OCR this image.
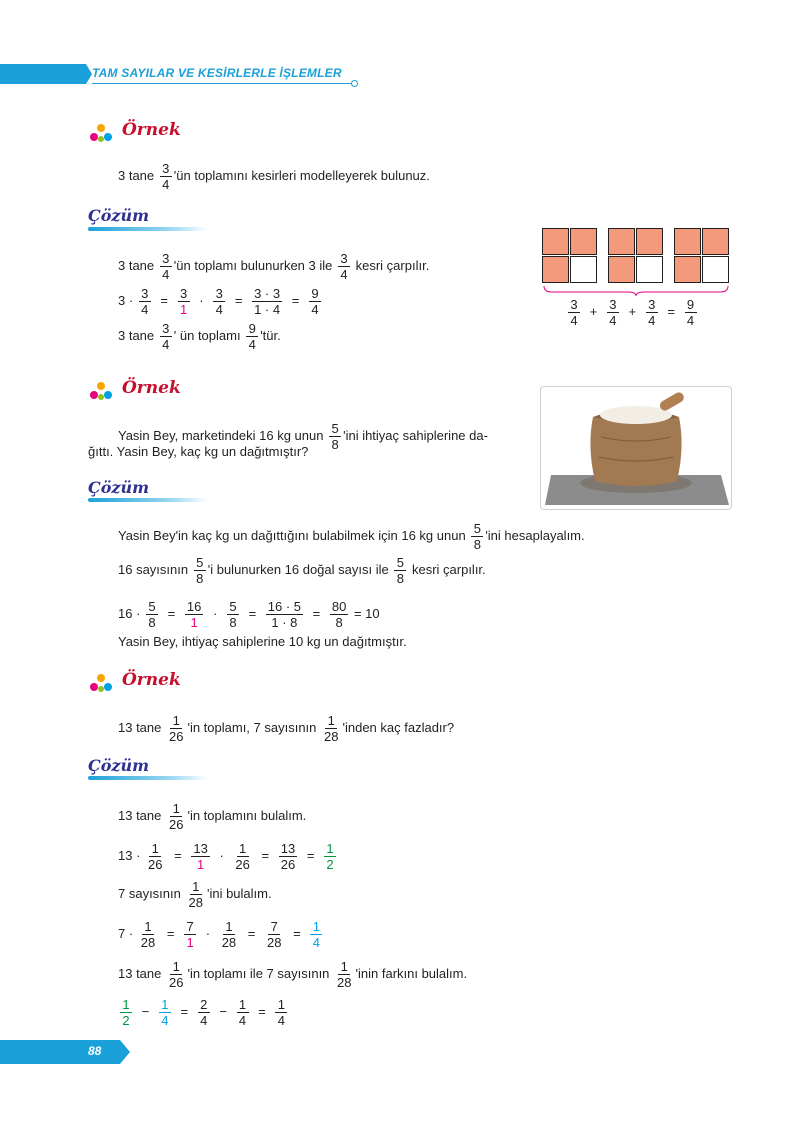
TAM SAYILAR VE KESİRLERLE İŞLEMLER
Örnek
3 tane $\frac{3}{4}$ 'ün toplamını kesirleri modelleyerek bulunuz.
Çözüm
3 tane $\frac{3}{4}$ 'ün toplamı bulunurken 3 ile $\frac{3}{4}$ kesri çarpılır.
$3 \cdot \frac{3}{4} = \frac{3}{1} \cdot \frac{3}{4} = \frac{3 \cdot 3}{1 \cdot 4} = \frac{9}{4}$
3 tane $\frac{3}{4}$ ' ün toplamı $\frac{9}{4}$ 'tür.
$\frac{3}{4} + \frac{3}{4} + \frac{3}{4} = \frac{9}{4}$
Örnek
Yasin Bey, marketindeki 16 kg unun $\frac{5}{8}$ 'ini ihtiyaç sahiplerine da-
ğıttı. Yasin Bey, kaç kg un dağıtmıştır?
Çözüm
Yasin Bey'in kaç kg un dağıttığını bulabilmek için 16 kg unun $\frac{5}{8}$ 'ini hesaplayalım.
16 sayısının $\frac{5}{8}$ 'i bulunurken 16 doğal sayısı ile $\frac{5}{8}$ kesri çarpılır.
$16 \cdot \frac{5}{8} = \frac{16}{1} \cdot \frac{5}{8} = \frac{16 \cdot 5}{1 \cdot 8} = \frac{80}{8} = 10$
Yasin Bey, ihtiyaç sahiplerine 10 kg un dağıtmıştır.
Örnek
13 tane $\frac{1}{26}$ 'in toplamı, 7 sayısının $\frac{1}{28}$ 'inden kaç fazladır?
Çözüm
13 tane $\frac{1}{26}$ 'in toplamını bulalım.
$13 \cdot \frac{1}{26} = \frac{13}{1} \cdot \frac{1}{26} = \frac{13}{26} = \frac{1}{2}$
7 sayısının $\frac{1}{28}$ 'ini bulalım.
$7 \cdot \frac{1}{28} = \frac{7}{1} \cdot \frac{1}{28} = \frac{7}{28} = \frac{1}{4}$
13 tane $\frac{1}{26}$ 'in toplamı ile 7 sayısının $\frac{1}{28}$ 'inin farkını bulalım.
$\frac{1}{2} - \frac{1}{4} = \frac{2}{4} - \frac{1}{4} = \frac{1}{4}$
88
